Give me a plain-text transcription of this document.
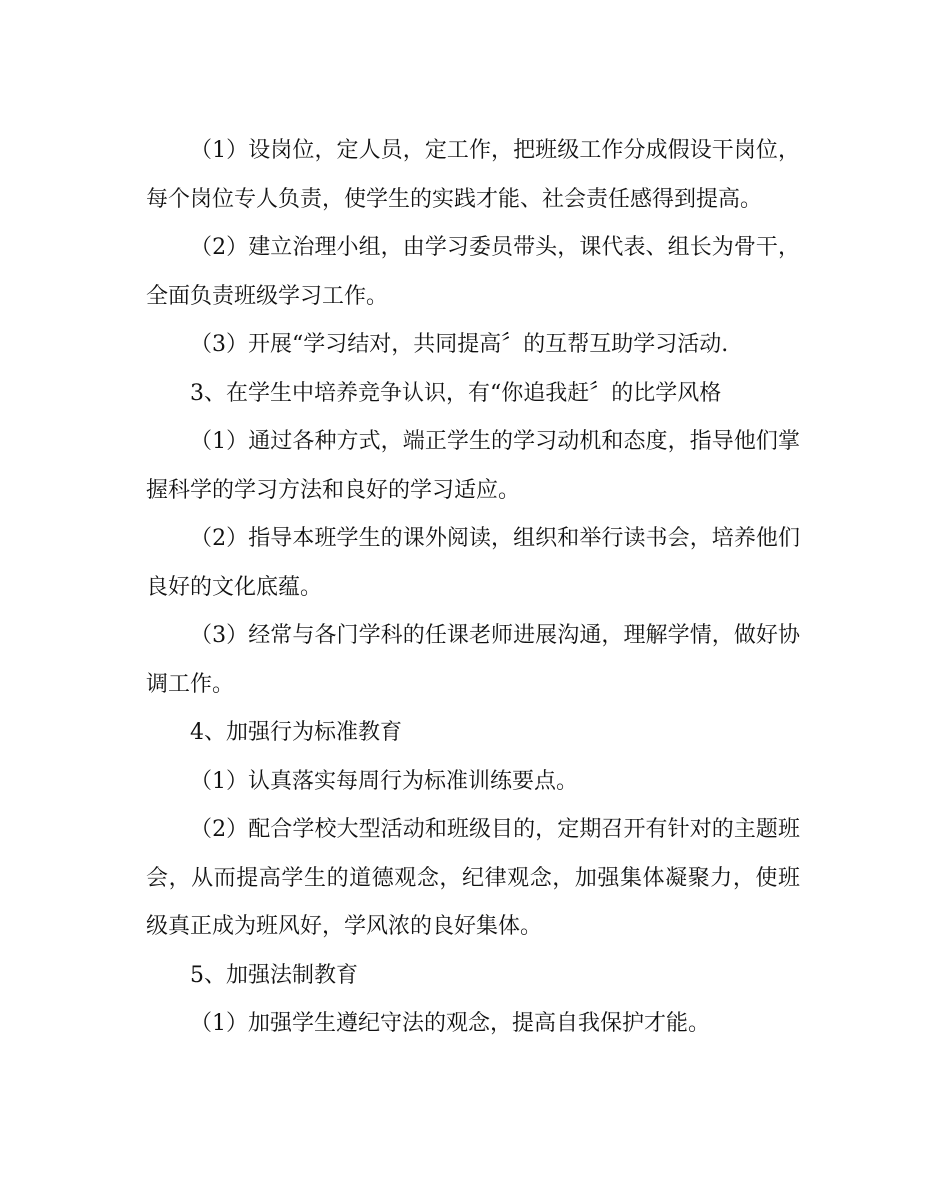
（1）设岗位，定人员，定工作，把班级工作分成假设干岗位，每个岗位专人负责，使学生的实践才能、社会责任感得到提高。

（2）建立治理小组，由学习委员带头，课代表、组长为骨干，全面负责班级学习工作。

（3）开展“学习结对，共同提高〞的互帮互助学习活动.

3、在学生中培养竞争认识，有“你追我赶〞的比学风格

（1）通过各种方式，端正学生的学习动机和态度，指导他们掌握科学的学习方法和良好的学习适应。

（2）指导本班学生的课外阅读，组织和举行读书会，培养他们良好的文化底蕴。

（3）经常与各门学科的任课老师进展沟通，理解学情，做好协调工作。

4、加强行为标准教育

（1）认真落实每周行为标准训练要点。

（2）配合学校大型活动和班级目的，定期召开有针对的主题班会，从而提高学生的道德观念，纪律观念，加强集体凝聚力，使班级真正成为班风好，学风浓的良好集体。

5、加强法制教育

（1）加强学生遵纪守法的观念，提高自我保护才能。
